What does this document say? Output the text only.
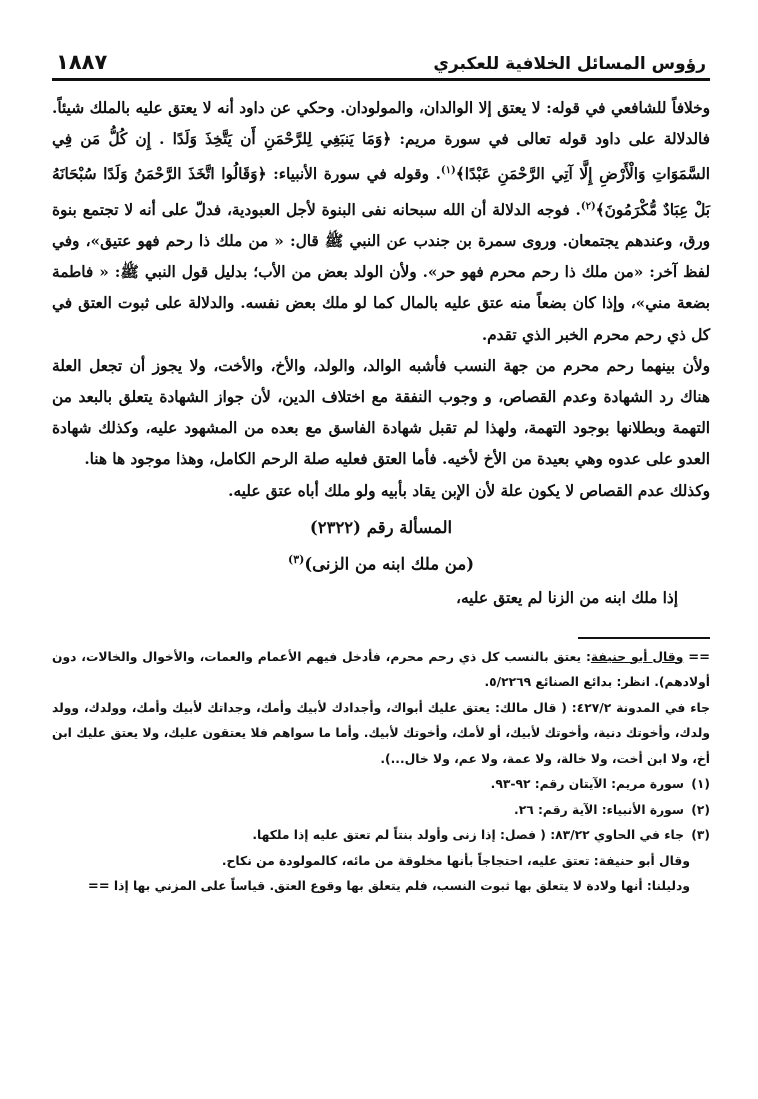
رؤوس المسائل الخلافية للعكبري
١٨٨٧

وخلافاً للشافعي في قوله: لا يعتق إلا الوالدان، والمولودان. وحكي عن داود أنه لا يعتق عليه بالملك شيئاً. فالدلالة على داود قوله تعالى في سورة مريم: ﴿وَمَا يَنبَغِي لِلرَّحْمَنِ أَن يَتَّخِذَ وَلَدًا . إِن كُلُّ مَن فِي السَّمَوَاتِ وَالْأَرْضِ إِلَّا آتِي الرَّحْمَنِ عَبْدًا﴾$^{(١)}$. وقوله في سورة الأنبياء: ﴿وَقَالُوا اتَّخَذَ الرَّحْمَنُ وَلَدًا سُبْحَانَهُ بَلْ عِبَادٌ مُّكْرَمُونَ﴾$^{(٢)}$. فوجه الدلالة أن الله سبحانه نفى البنوة لأجل العبودية، فدلّ على أنه لا تجتمع بنوة ورق، وعندهم يجتمعان. وروى سمرة بن جندب عن النبي ﷺ قال: « من ملك ذا رحم فهو عتيق»، وفي لفظ آخر: «من ملك ذا رحم محرم فهو حر». ولأن الولد بعض من الأب؛ بدليل قول النبي ﷺ: « فاطمة بضعة مني»، وإذا كان بضعاً منه عتق عليه بالمال كما لو ملك بعض نفسه. والدلالة على ثبوت العتق في كل ذي رحم محرم الخبر الذي تقدم.

ولأن بينهما رحم محرم من جهة النسب فأشبه الوالد، والولد، والأخ، والأخت، ولا يجوز أن تجعل العلة هناك رد الشهادة وعدم القصاص، و وجوب النفقة مع اختلاف الدين، لأن جواز الشهادة يتعلق بالبعد من التهمة وبطلانها بوجود التهمة، ولهذا لم تقبل شهادة الفاسق مع بعده من المشهود عليه، وكذلك شهادة العدو على عدوه وهي بعيدة من الأخ لأخيه. فأما العتق فعليه صلة الرحم الكامل، وهذا موجود ها هنا.

وكذلك عدم القصاص لا يكون علة لأن الإبن يقاد بأبيه ولو ملك أباه عتق عليه.

المسألة رقم (٢٣٢٢)
(من ملك ابنه من الزنى)$^{(٣)}$

إذا ملك ابنه من الزنا لم يعتق عليه،

== وقال أبو حنيفة: يعتق بالنسب كل ذي رحم محرم، فأدخل فيهم الأعمام والعمات، والأخوال والخالات، دون أولادهم). انظر: بدائع الصنائع ٥/٢٢٦٩.

جاء في المدونة ٤٢٧/٢: ( قال مالك: يعتق عليك أبواك، وأجدادك لأبيك وأمك، وجداتك لأبيك وأمك، وولدك، وولد ولدك، وأخوتك دنية، وأخوتك لأبيك، أو لأمك، وأخوتك لأبيك. وأما ما سواهم فلا يعتقون عليك، ولا يعتق عليك ابن أخ، ولا ابن أخت، ولا خالة، ولا عمة، ولا عم، ولا خال...).

(١)سورة مريم: الآيتان رقم: ٩٢-٩٣.

(٢)سورة الأنبياء: الآية رقم: ٢٦.

(٣)جاء في الحاوي ٨٣/٢٢: ( فصل: إذا زنى وأولد بنتاً لم تعتق عليه إذا ملكها.

وقال أبو حنيفة: تعتق عليه، احتجاجاً بأنها مخلوقة من مائه، كالمولودة من نكاح.

ودليلنا: أنها ولادة لا يتعلق بها ثبوت النسب، فلم يتعلق بها وقوع العتق. قياساً على المزني بها إذا ==
